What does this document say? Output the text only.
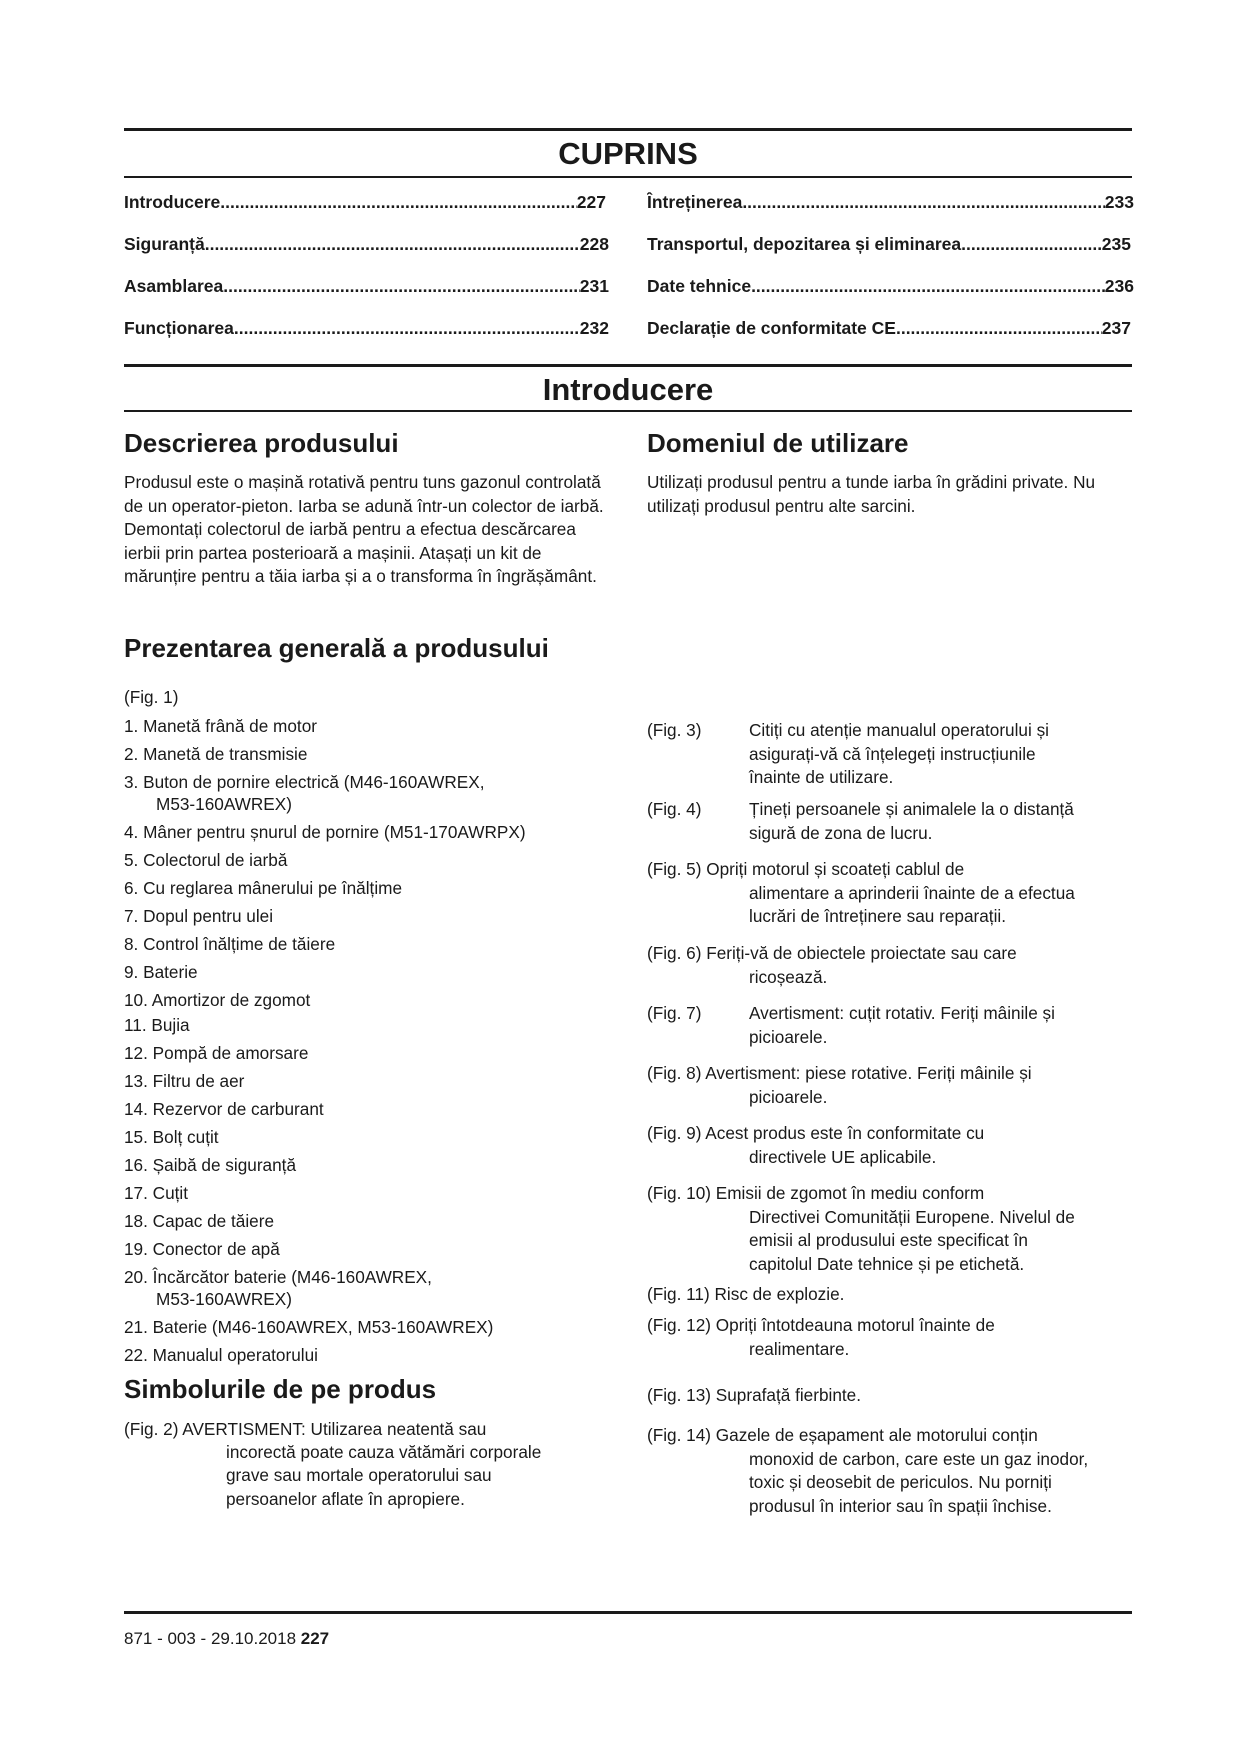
CUPRINS
Introducere .....	227
Siguranță .....	228
Asamblarea .....	231
Funcționarea .....	232
Întreținerea .....	233
Transportul, depozitarea și eliminarea .....	235
Date tehnice .....	236
Declarație de conformitate CE .....	237
Introducere
Descrierea produsului
Produsul este o mașină rotativă pentru tuns gazonul controlată de un operator-pieton. Iarba se adună într-un colector de iarbă. Demontați colectorul de iarbă pentru a efectua descărcarea ierbii prin partea posterioară a mașinii. Atașați un kit de mărunțire pentru a tăia iarba și a o transforma în îngrășământ.
Domeniul de utilizare
Utilizați produsul pentru a tunde iarba în grădini private. Nu utilizați produsul pentru alte sarcini.
Prezentarea generală a produsului
(Fig. 1)
1. Manetă frână de motor
2. Manetă de transmisie
3. Buton de pornire electrică (M46-160AWREX,
M53-160AWREX)
4. Mâner pentru șnurul de pornire (M51-170AWRPX)
5. Colectorul de iarbă
6. Cu reglarea mânerului pe înălțime
7. Dopul pentru ulei
8. Control înălțime de tăiere
9. Baterie
10. Amortizor de zgomot
11. Bujia
12. Pompă de amorsare
13. Filtru de aer
14. Rezervor de carburant
15. Bolț cuțit
16. Șaibă de siguranță
17. Cuțit
18. Capac de tăiere
19. Conector de apă
20. Încărcător baterie (M46-160AWREX,
M53-160AWREX)
21. Baterie (M46-160AWREX, M53-160AWREX)
22. Manualul operatorului
Simbolurile de pe produs
(Fig. 2) AVERTISMENT: Utilizarea neatentă sau
incorectă poate cauza vătămări corporale
grave sau mortale operatorului sau
persoanelor aflate în apropiere.
(Fig. 3)	Citiți cu atenție manualul operatorului și
asigurați-vă că înțelegeți instrucțiunile
înainte de utilizare.
(Fig. 4)	Țineți persoanele și animalele la o distanță
sigură de zona de lucru.
(Fig. 5) Opriți motorul și scoateți cablul de
alimentare a aprinderii înainte de a efectua
lucrări de întreținere sau reparații.
(Fig. 6) Feriți-vă de obiectele proiectate sau care
ricoșează.
(Fig. 7)	Avertisment: cuțit rotativ. Feriți mâinile și
picioarele.
(Fig. 8) Avertisment: piese rotative. Feriți mâinile și
picioarele.
(Fig. 9) Acest produs este în conformitate cu
directivele UE aplicabile.
(Fig. 10) Emisii de zgomot în mediu conform
Directivei Comunității Europene. Nivelul de
emisii al produsului este specificat în
capitolul Date tehnice și pe etichetă.
(Fig. 11) Risc de explozie.
(Fig. 12) Opriți întotdeauna motorul înainte de
realimentare.
(Fig. 13) Suprafață fierbinte.
(Fig. 14) Gazele de eșapament ale motorului conțin
monoxid de carbon, care este un gaz inodor,
toxic și deosebit de periculos. Nu porniți
produsul în interior sau în spații închise.
871 - 003 - 29.10.2018 227
